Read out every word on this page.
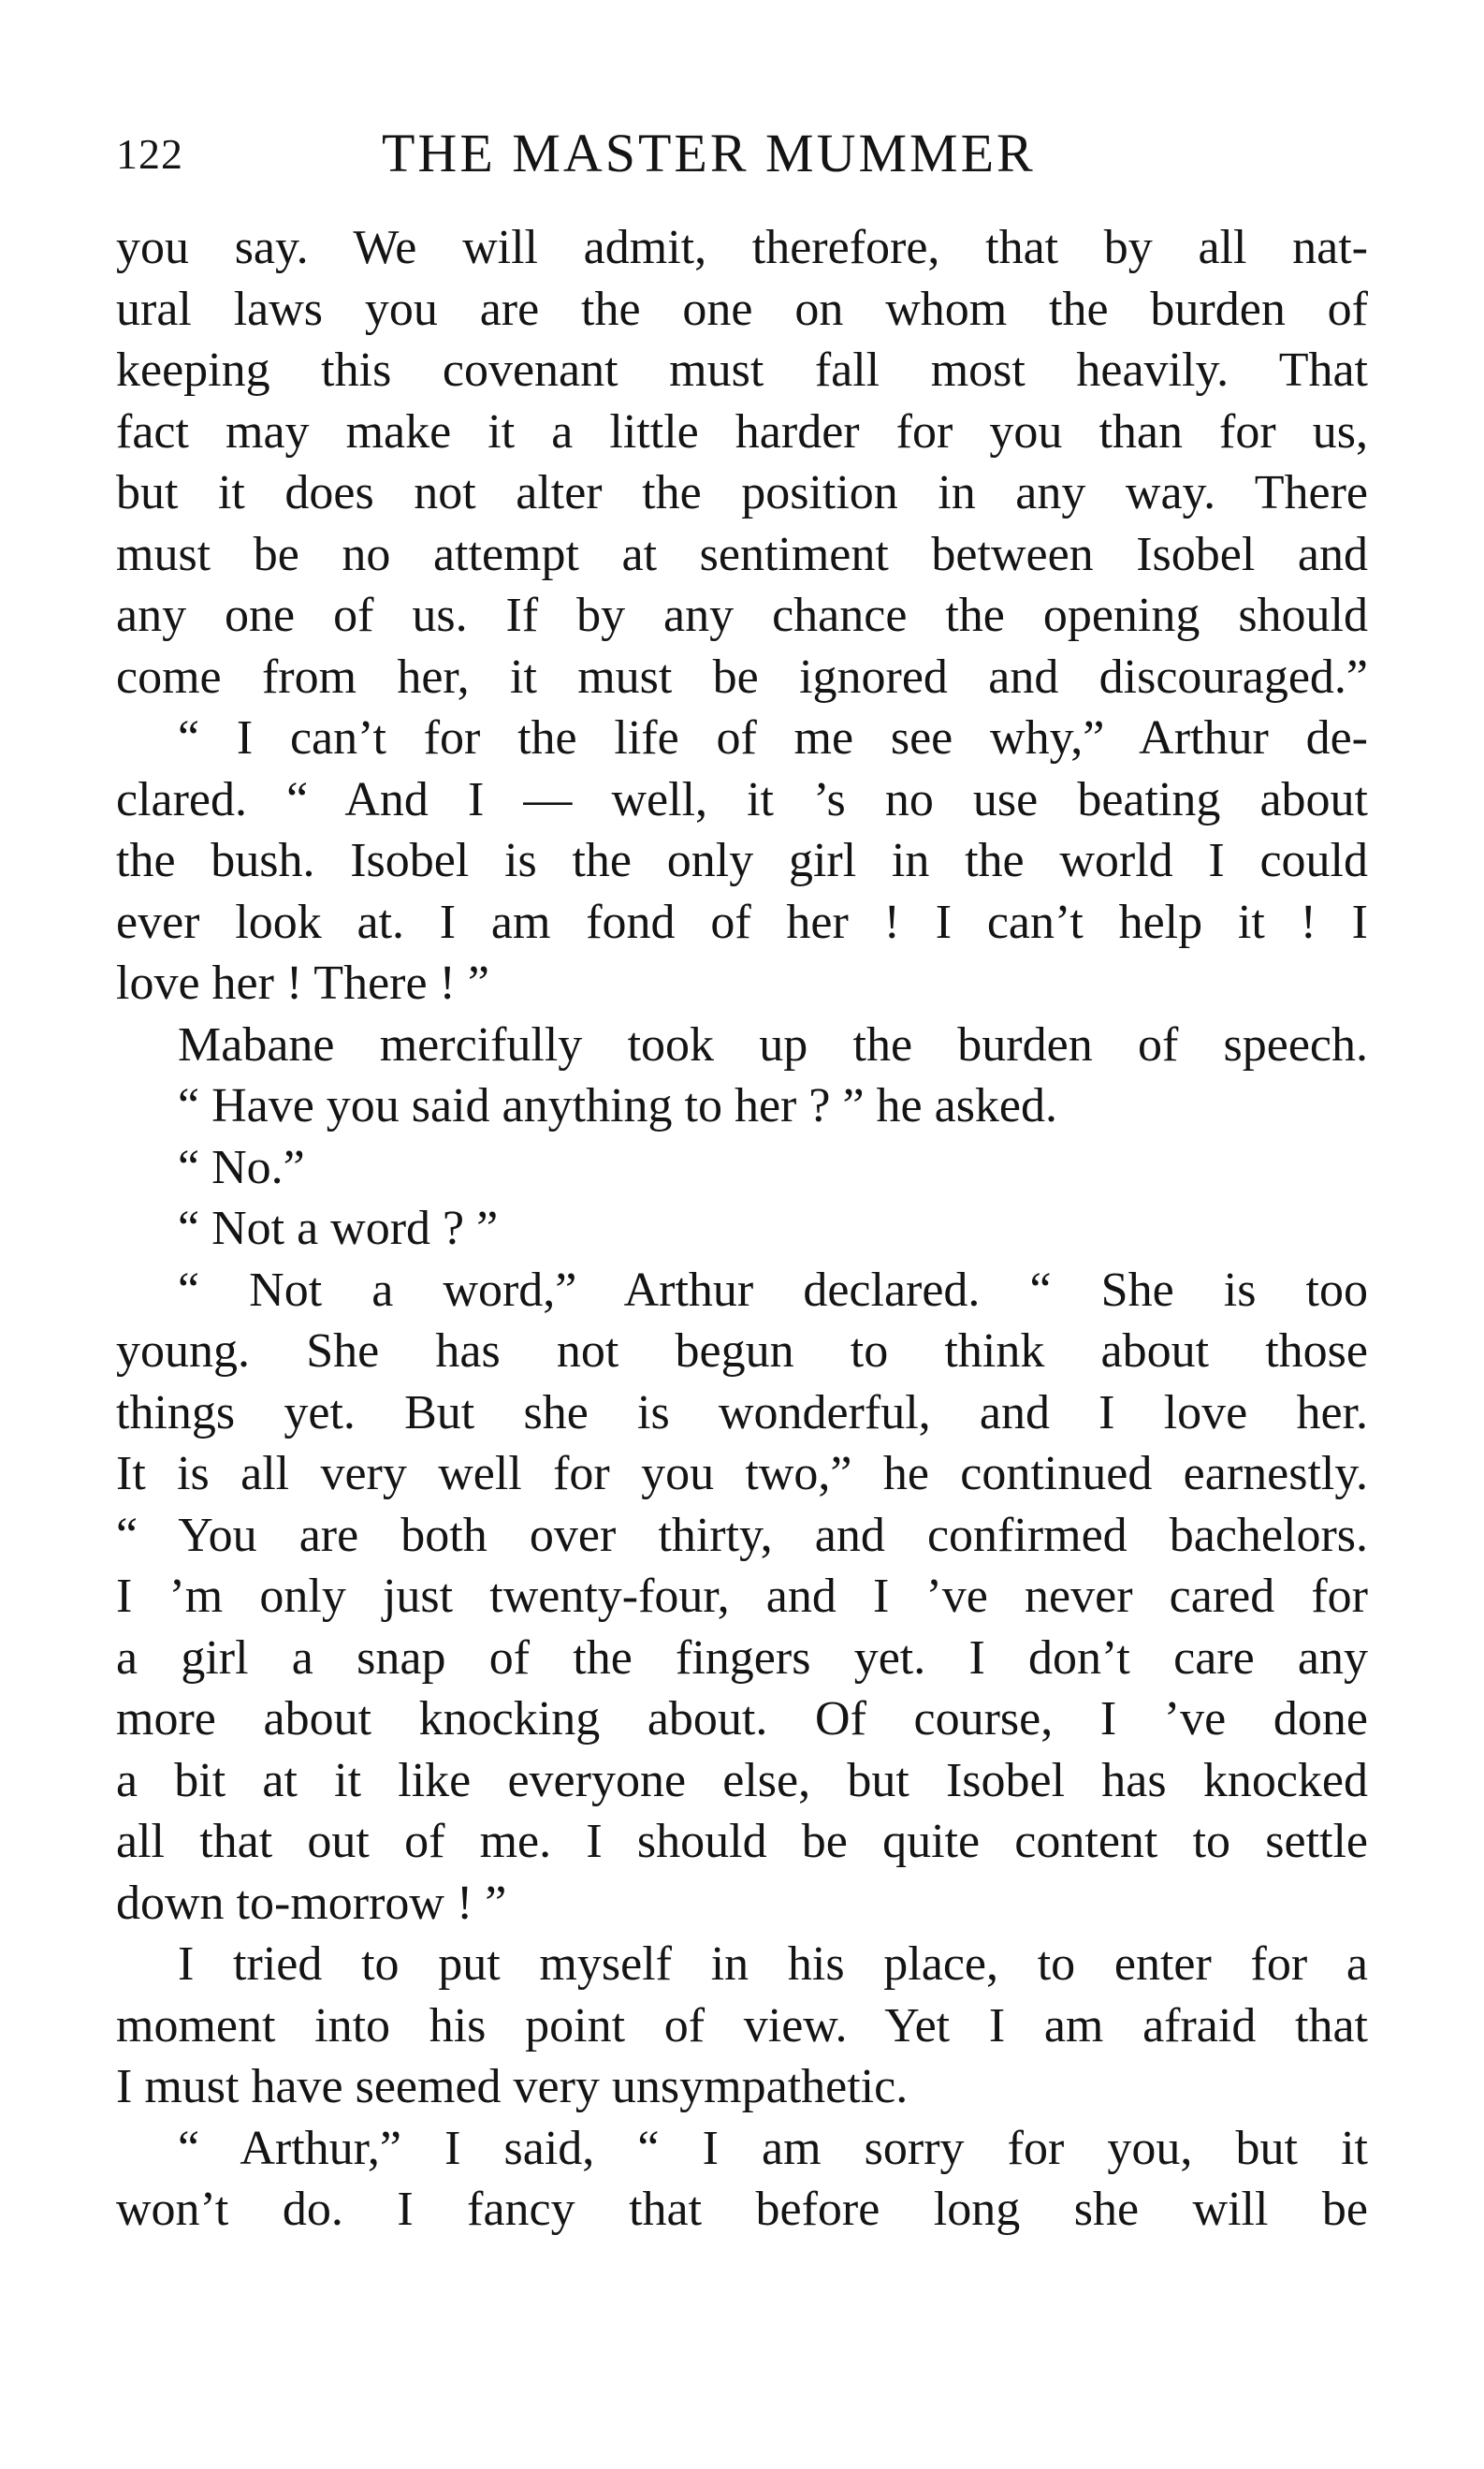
122	THE MASTER MUMMER
you say. We will admit, therefore, that by all nat-
ural laws you are the one on whom the burden of
keeping this covenant must fall most heavily. That
fact may make it a little harder for you than for us,
but it does not alter the position in any way. There
must be no attempt at sentiment between Isobel and
any one of us. If by any chance the opening should
come from her, it must be ignored and discouraged.”
“ I can’t for the life of me see why,” Arthur de-
clared. “ And I — well, it ’s no use beating about
the bush. Isobel is the only girl in the world I could
ever look at. I am fond of her ! I can’t help it ! I
love her ! There ! ”
Mabane mercifully took up the burden of speech.
“ Have you said anything to her ? ” he asked.
“ No.”
“ Not a word ? ”
“ Not a word,” Arthur declared. “ She is too
young. She has not begun to think about those
things yet. But she is wonderful, and I love her.
It is all very well for you two,” he continued earnestly.
“ You are both over thirty, and confirmed bachelors.
I ’m only just twenty-four, and I ’ve never cared for
a girl a snap of the fingers yet. I don’t care any
more about knocking about. Of course, I ’ve done
a bit at it like everyone else, but Isobel has knocked
all that out of me. I should be quite content to settle
down to-morrow ! ”
I tried to put myself in his place, to enter for a
moment into his point of view. Yet I am afraid that
I must have seemed very unsympathetic.
“ Arthur,” I said, “ I am sorry for you, but it
won’t do. I fancy that before long she will be
